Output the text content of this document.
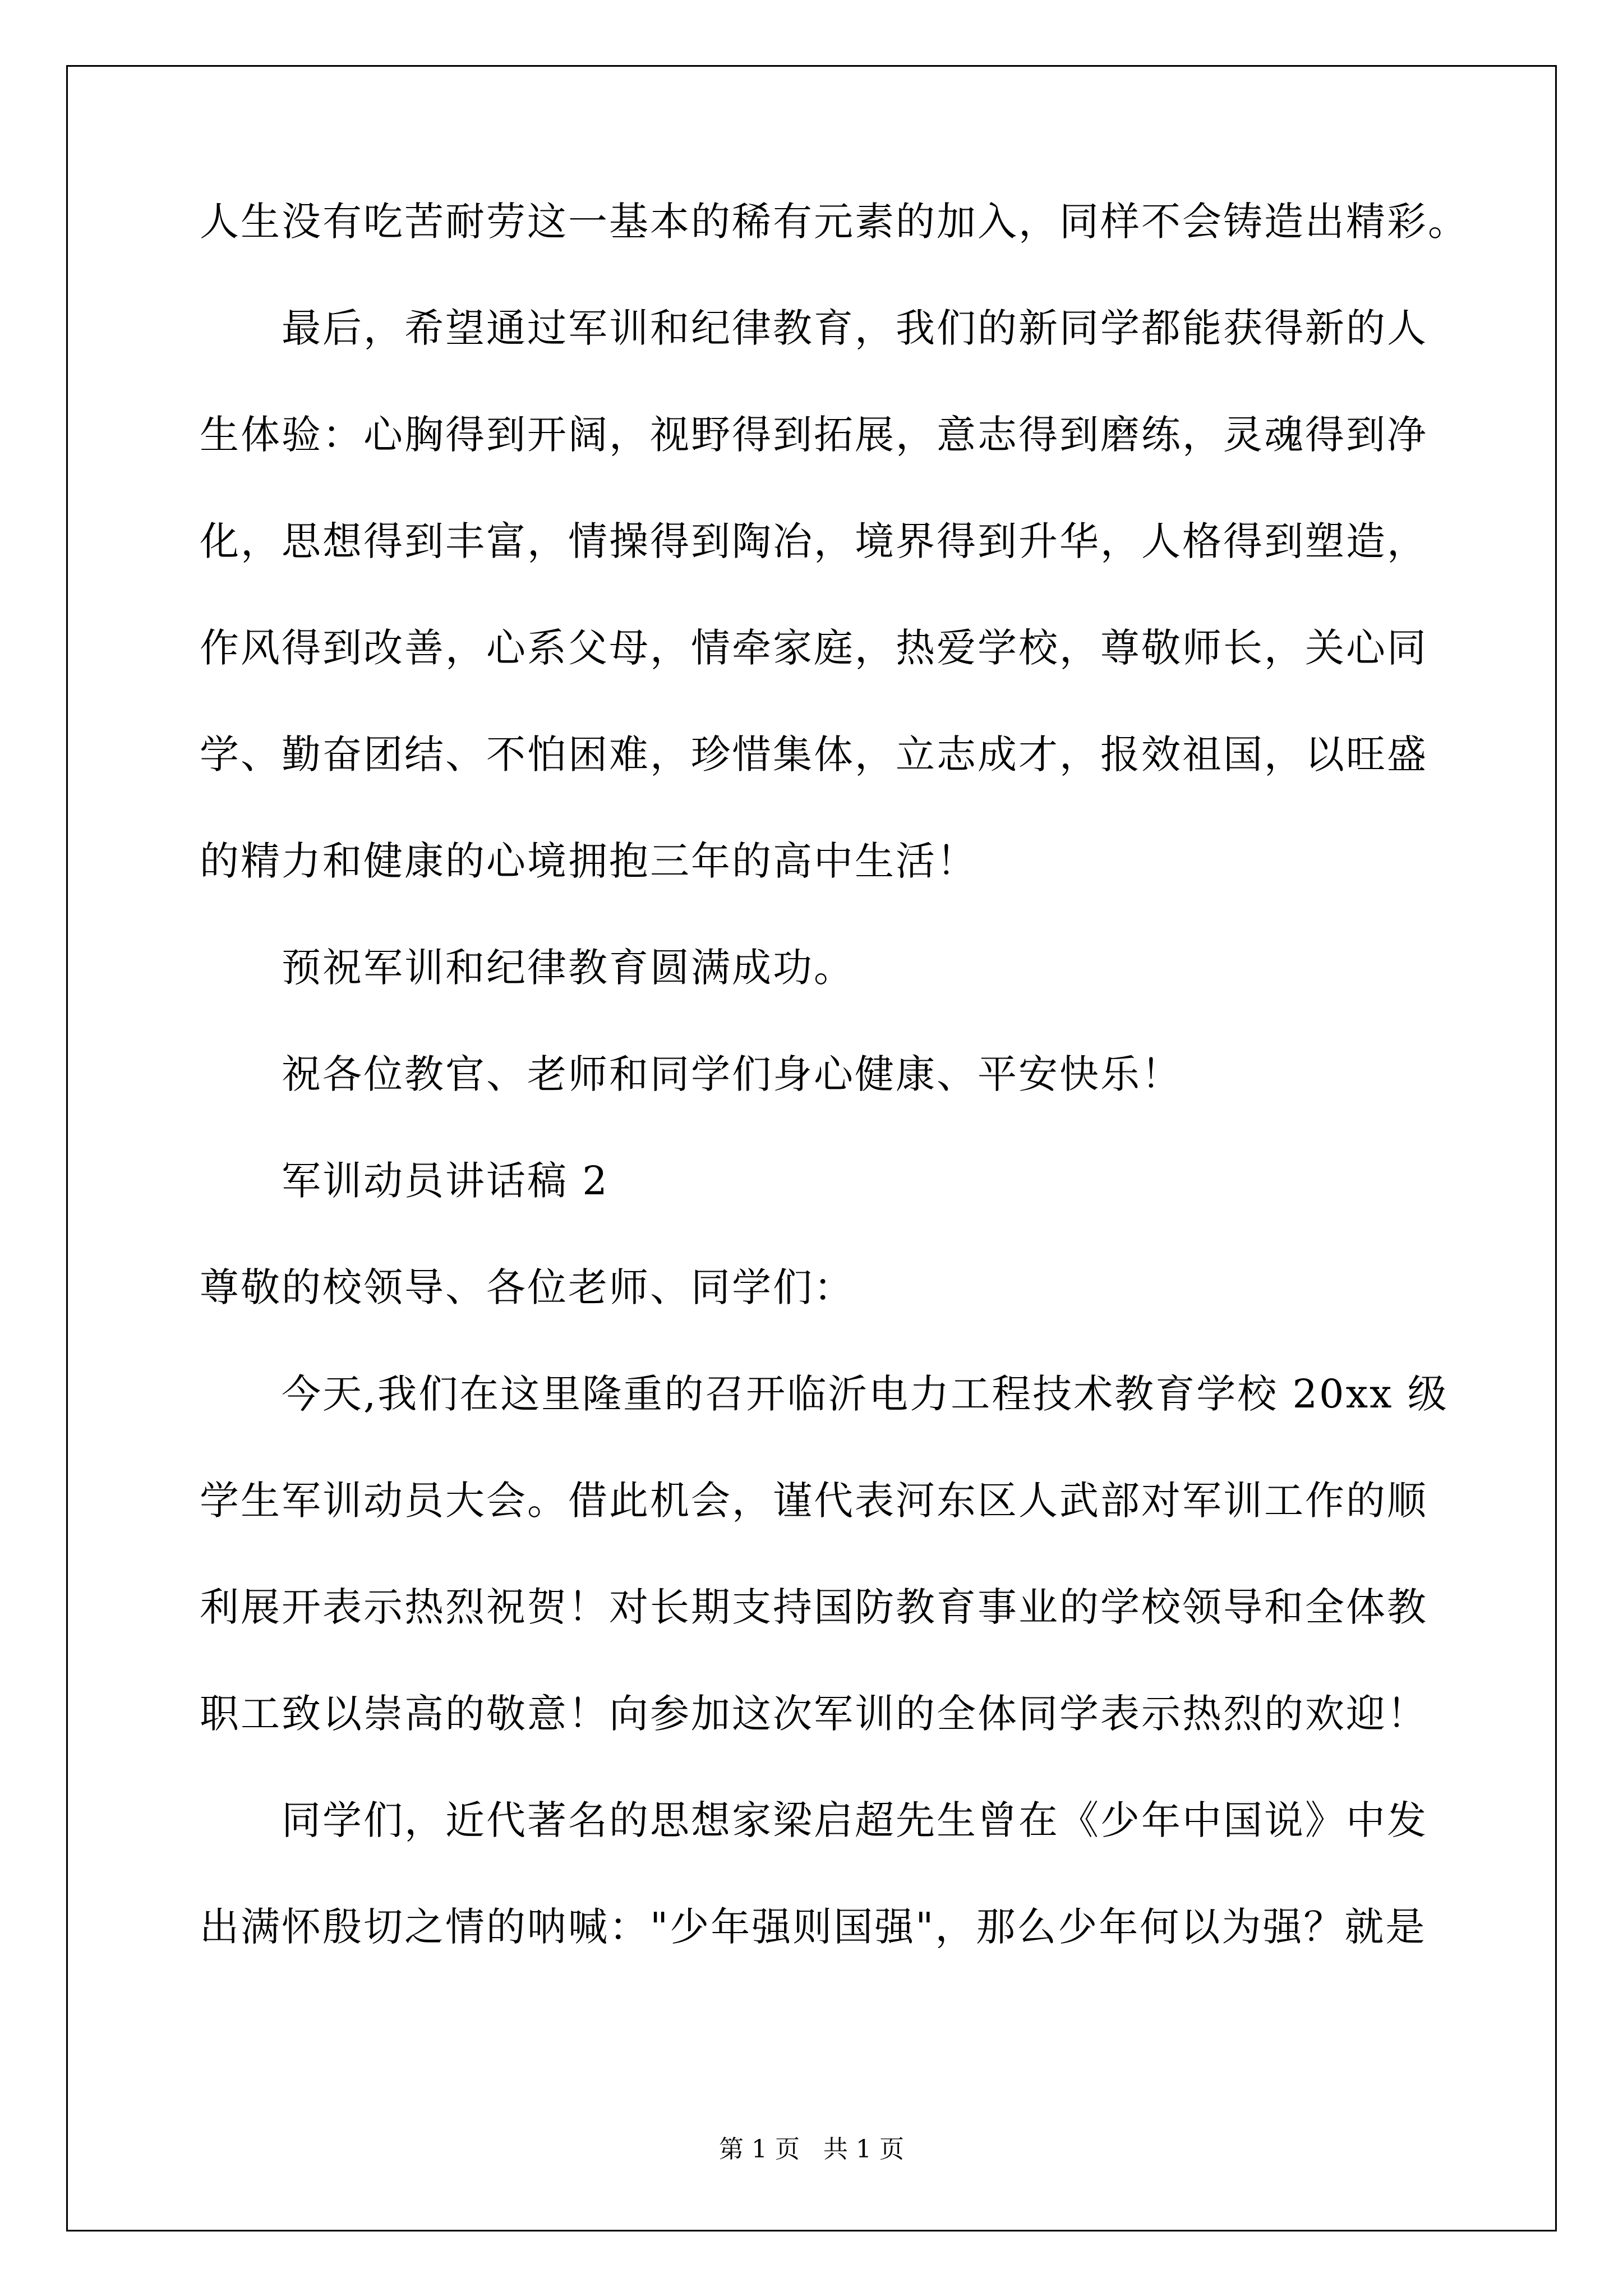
人生没有吃苦耐劳这一基本的稀有元素的加入，同样不会铸造出精彩。
最后，希望通过军训和纪律教育，我们的新同学都能获得新的人
生体验：心胸得到开阔，视野得到拓展，意志得到磨练，灵魂得到净
化，思想得到丰富，情操得到陶冶，境界得到升华，人格得到塑造，
作风得到改善，心系父母，情牵家庭，热爱学校，尊敬师长，关心同
学、勤奋团结、不怕困难，珍惜集体，立志成才，报效祖国，以旺盛
的精力和健康的心境拥抱三年的高中生活！
预祝军训和纪律教育圆满成功。
祝各位教官、老师和同学们身心健康、平安快乐！
军训动员讲话稿 2
尊敬的校领导、各位老师、同学们：
今天,我们在这里隆重的召开临沂电力工程技术教育学校 20xx 级
学生军训动员大会。借此机会，谨代表河东区人武部对军训工作的顺
利展开表示热烈祝贺！对长期支持国防教育事业的学校领导和全体教
职工致以崇高的敬意！向参加这次军训的全体同学表示热烈的欢迎！
同学们，近代著名的思想家梁启超先生曾在《少年中国说》中发
出满怀殷切之情的呐喊："少年强则国强"，那么少年何以为强？就是
第 1 页   共 1 页
